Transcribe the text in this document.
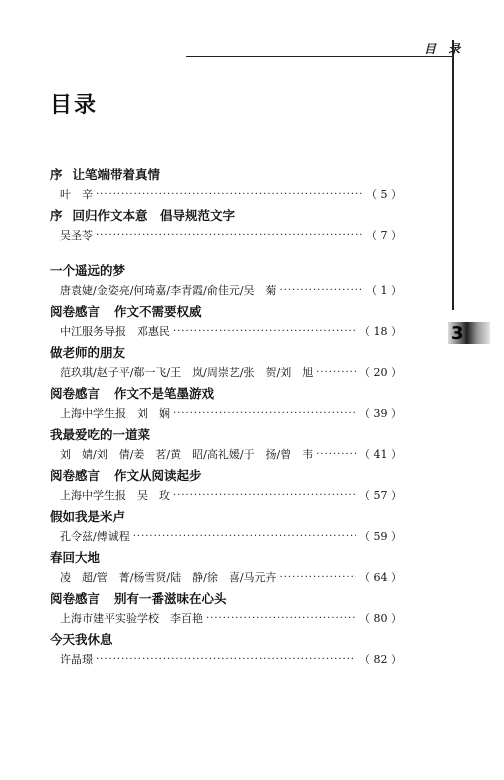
目 录
3
目录
序 让笔端带着真情
叶　辛 ·····	（ 5 ）
序 回归作文本意　倡导规范文字
吴圣苓 ·····	（ 7 ）
一个遥远的梦
唐袁婕/金姿亮/何琦嘉/李青霞/俞佳元/吴　菊 ·····	（ 1 ）
阅卷感言 作文不需要权威
中江服务导报　邓惠民 ·····	（ 18 ）
做老师的朋友
范玖琪/赵子平/郗一飞/王　岚/周崇艺/张　贺/刘　旭 ·····	（ 20 ）
阅卷感言 作文不是笔墨游戏
上海中学生报　刘　娴 ·····	（ 39 ）
我最爱吃的一道菜
刘　婧/刘　倩/姜　茗/黄　昭/高礼媛/于　扬/曾　韦 ·····	（ 41 ）
阅卷感言 作文从阅读起步
上海中学生报　吴　玫 ·····	（ 57 ）
假如我是米卢
孔令兹/傅诚程 ·····	（ 59 ）
春回大地
凌　超/管　菁/杨雪贤/陆　静/徐　喜/马元卉 ·····	（ 64 ）
阅卷感言 别有一番滋味在心头
上海市建平实验学校　李百艳 ·····	（ 80 ）
今天我休息
许晶璟 ·····	（ 82 ）
